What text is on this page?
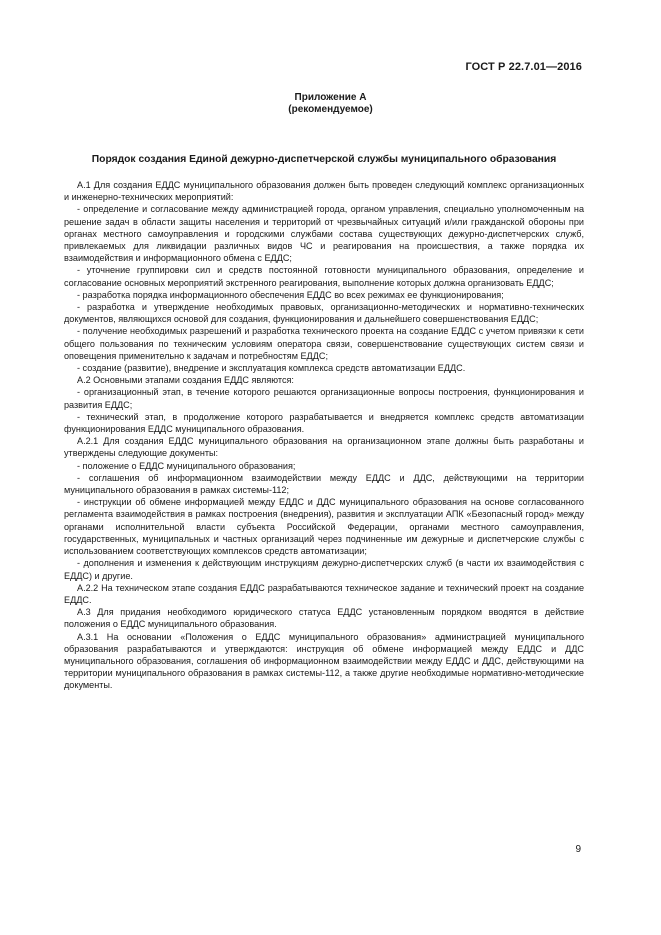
ГОСТ Р 22.7.01—2016
Приложение А
(рекомендуемое)
Порядок создания Единой дежурно-диспетчерской службы муниципального образования

А.1 Для создания ЕДДС муниципального образования должен быть проведен следующий комплекс организационных и инженерно-технических мероприятий:

- определение и согласование между администрацией города, органом управления, специально уполномоченным на решение задач в области защиты населения и территорий от чрезвычайных ситуаций и/или гражданской обороны при органах местного самоуправления и городскими службами состава существующих дежурно-диспетчерских служб, привлекаемых для ликвидации различных видов ЧС и реагирования на происшествия, а также порядка их взаимодействия и информационного обмена с ЕДДС;

- уточнение группировки сил и средств постоянной готовности муниципального образования, определение и согласование основных мероприятий экстренного реагирования, выполнение которых должна организовать ЕДДС;

- разработка порядка информационного обеспечения ЕДДС во всех режимах ее функционирования;

- разработка и утверждение необходимых правовых, организационно-методических и нормативно-технических документов, являющихся основой для создания, функционирования и дальнейшего совершенствования ЕДДС;

- получение необходимых разрешений и разработка технического проекта на создание ЕДДС с учетом привязки к сети общего пользования по техническим условиям оператора связи, совершенствование существующих систем связи и оповещения применительно к задачам и потребностям ЕДДС;

- создание (развитие), внедрение и эксплуатация комплекса средств автоматизации ЕДДС.

А.2 Основными этапами создания ЕДДС являются:

- организационный этап, в течение которого решаются организационные вопросы построения, функционирования и развития ЕДДС;

- технический этап, в продолжение которого разрабатывается и внедряется комплекс средств автоматизации функционирования ЕДДС муниципального образования.

А.2.1 Для создания ЕДДС муниципального образования на организационном этапе должны быть разработаны и утверждены следующие документы:

- положение о ЕДДС муниципального образования;

- соглашения об информационном взаимодействии между ЕДДС и ДДС, действующими на территории муниципального образования в рамках системы-112;

- инструкции об обмене информацией между ЕДДС и ДДС муниципального образования на основе согласованного регламента взаимодействия в рамках построения (внедрения), развития и эксплуатации АПК «Безопасный город» между органами исполнительной власти субъекта Российской Федерации, органами местного самоуправления, государственных, муниципальных и частных организаций через подчиненные им дежурные и диспетчерские службы с использованием соответствующих комплексов средств автоматизации;

- дополнения и изменения к действующим инструкциям дежурно-диспетчерских служб (в части их взаимодействия с ЕДДС) и другие.

А.2.2 На техническом этапе создания ЕДДС разрабатываются техническое задание и технический проект на создание ЕДДС.

А.3 Для придания необходимого юридического статуса ЕДДС установленным порядком вводятся в действие положения о ЕДДС муниципального образования.

А.3.1 На основании «Положения о ЕДДС муниципального образования» администрацией муниципального образования разрабатываются и утверждаются: инструкция об обмене информацией между ЕДДС и ДДС муниципального образования, соглашения об информационном взаимодействии между ЕДДС и ДДС, действующими на территории муниципального образования в рамках системы-112, а также другие необходимые нормативно-методические документы.

9
